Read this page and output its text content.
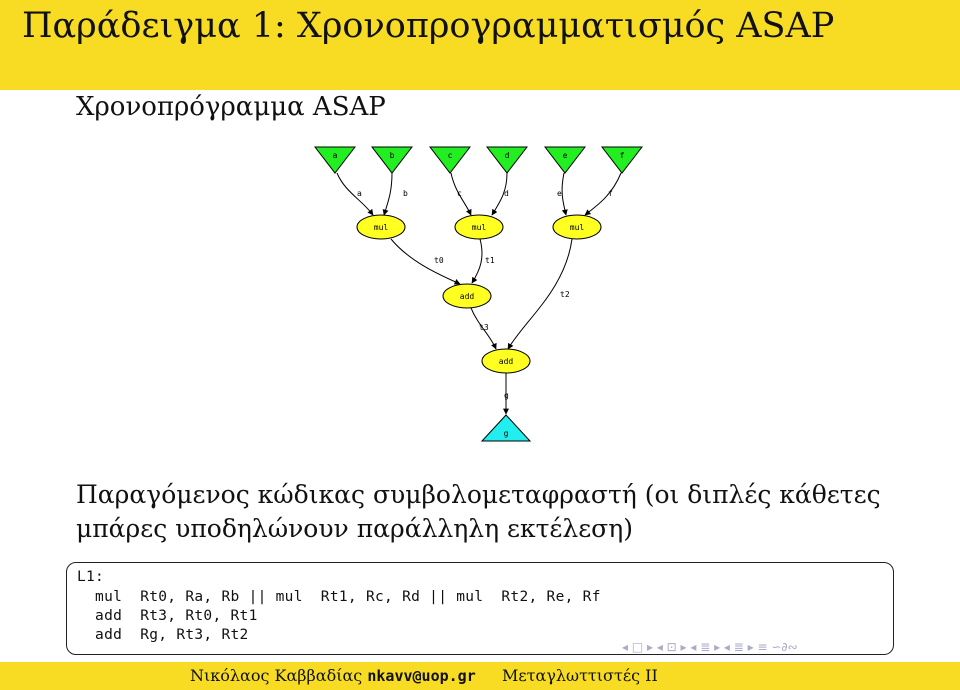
Παράδειγμα 1: Χρονοπρογραμματισμός ASAP
Χρονοπρόγραμμα ASAP
a	b	c	d	e	f
a	b	c	d	e	f
mul	mul	mul
t0	t1
t2
add
t3
add
g
g
Παραγόμενος κώδικας συμβολομεταφραστή (οι διπλές κάθετες μπάρες υποδηλώνουν παράλληλη εκτέλεση)
L1:
mul  Rt0, Ra, Rb || mul  Rt1, Rc, Rd || mul  Rt2, Re, Rf
add  Rt3, Rt0, Rt1
add  Rg, Rt3, Rt2
◂ □ ▸ ◂ ⊡ ▸ ◂ ≣ ▸ ◂ ≣ ▸ ≡ ∽∂∾
Νικόλαος Καββαδίας nkavv@uop.gr Μεταγλωττιστές ΙΙ
